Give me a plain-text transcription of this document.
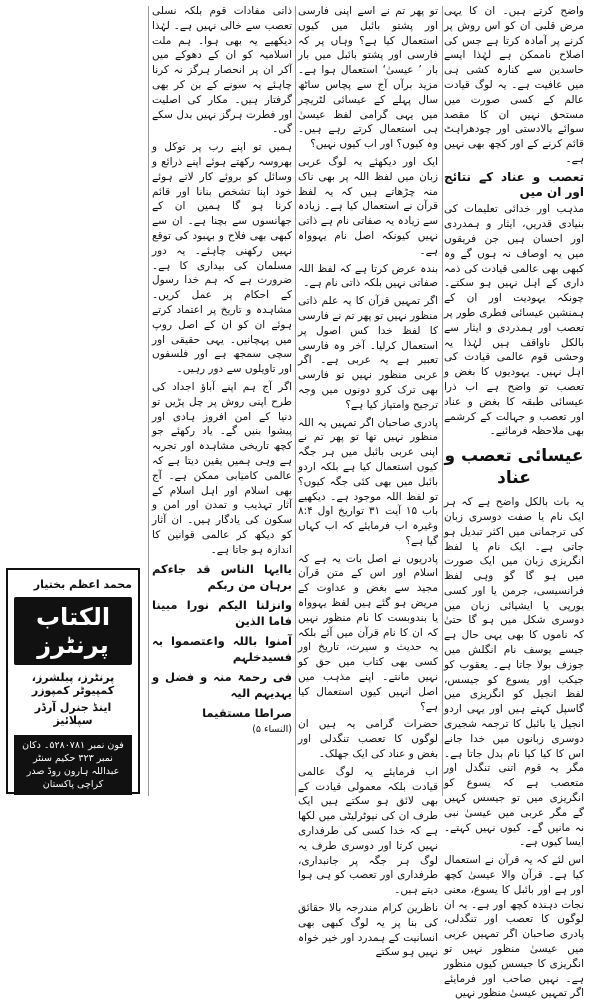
واضح کرتے ہیں۔ ان کا یہی مرض قلبی ان کو اس روش پر کرنے پر آمادہ کرتا ہے جس کی اصلاح ناممکن ہے لہٰذا ایسے حاسدین سے کنارہ کشی ہی میں عافیت ہے۔ یہ لوگ قیادت عالم کے کسی صورت میں مستحق نہیں ان کا مقصد سوائے بالادستی اور چودھراہٹ قائم کرنے کے اور کچھ بھی نہیں ہے۔

تعصب و عناد کے نتائج اور ان میں

مذہب اور خدائی تعلیمات کی بنیادی قدریں، ایثار و ہمدردی اور احسان ہیں جن فریقوں میں یہ اوصاف نہ ہوں گے وہ کبھی بھی عالمی قیادت کی ذمہ داری کے اہل نہیں ہو سکتے۔ چونکہ یہودیت اور ان کے ہمنشین عیسائی فطری طور پر تعصب اور ہمدردی و ایثار سے بالکل ناواقف ہیں لہٰذا یہ وحشی قوم عالمی قیادت کی اہل نہیں۔ یہودیوں کا بغض و تعصب تو واضح ہے اب ذرا عیسائی طبقہ کا بغض و عناد اور تعصب و جہالت کے کرشمے بھی ملاحظہ فرمائیے۔

عیسائی تعصب و عناد

یہ بات بالکل واضح ہے کہ ہر ایک نام یا صفت دوسری زبان کی ترجمانی میں اکثر تبدیل ہو جاتی ہے۔ ایک نام یا لفظ انگریزی زبان میں ایک صورت میں ہو گا گو وہی لفظ فرانسیسی، جرمن یا اور کسی یورپی یا ایشیائی زبان میں دوسری شکل میں ہو گا حتیٰ کہ ناموں کا بھی یہی حال ہے جیسے یوسف نام انگلش میں جوزف بولا جاتا ہے۔ یعقوب کو جیکب اور یسوع کو جیسس، لفظ انجیل کو انگریزی میں گاسپل کہتے ہیں اور یہی اردو انجیل یا بائبل کا ترجمہ شجیری دوسری زبانوں میں خدا جانے اس کا کیا کیا نام بدل جاتا ہے۔ مگر یہ قوم اتنی تنگدل اور متعصب ہے کہ یسوع کو انگریزی میں تو جیسس کہیں گے مگر عربی میں عیسیٰ نبی نہ مانیں گے۔ کیوں نہیں کہتے۔ ایسا کیوں ہے۔

اس لئے کہ یہ قرآن نے استعمال کیا ہے۔ قرآن والا عیسیٰ کچھ اور ہے اور بائبل کا یسوع، معنی نجات دہندہ کچھ اور ہے۔ یہ ان لوگوں کا تعصب اور تنگدلی، پادری صاحبان اگر تمہیں عربی میں عیسیٰ منظور نہیں تو انگریزی کا جیسس کیوں منظور ہے۔ نہیں صاحب اور فرمایئے اگر تمہیں عیسیٰ منظور نہیں

تو پھر تم نے اسے اپنی فارسی اور پشتو بائبل میں کیوں استعمال کیا ہے؟ وہاں پر کہ فارسی اور پشتو بائبل میں بار بار ’ عیسیٰ‘ استعمال ہوا ہے۔ مزید برآں آج سے پچاس ساٹھ سال پہلے کے عیسائی لٹریچر میں یہی گرامی لفظ عیسیٰ ہی استعمال کرتے رہے ہیں۔ وہ کیوں؟ اور اب کیوں نہیں؟

ایک اور دیکھئے یہ لوگ عربی زبان میں لفظ اللہ پر بھی ناک منہ چڑھاتے ہیں کہ یہ لفظ قرآن نے استعمال کیا ہے۔ زیادہ سے زیادہ یہ صفاتی نام ہے ذاتی نہیں کیونکہ اصل نام یہوواہ ہے۔

بندہ عرض کرتا ہے کہ لفظ اللہ صفاتی نہیں بلکہ ذاتی نام ہے۔

اگر تمہیں قرآن کا یہ علم ذاتی منظور نہیں تو پھر تم نے فارسی کا لفظ خدا کس اصول پر استعمال کرلیا۔ آخر وہ فارسی تعبیر ہے یہ عربی ہے۔ اگر عربی منظور نہیں تو فارسی بھی ترک کرو دونوں میں وجہ ترجیح وامتیاز کیا ہے؟

پادری صاحبان اگر تمہیں یہ اللہ منظور نہیں تھا تو پھر تم نے اپنی عربی بائبل میں ہر جگہ کیوں استعمال کیا ہے بلکہ اردو بائبل میں بھی کئی جگہ کیوں؟ تو لفظ اللہ موجود ہے۔ دیکھیے باب ۱۵ آیت ۳۱ تواریخ اول ۸:۴ وغیرہ اب فرمایئے کہ اب کہاں گیا ہے؟

پادریوں نے اصل بات یہ ہے کہ اسلام اور اس کے متن قرآن مجید سے بغض و عداوت کے مریض ہو گئے ہیں لفظ یہوواہ یا بندوبست کا نام منظور نہیں کہ ان کا نام قرآن میں آئے بلکہ یہ حدیث و سیرت، تاریخ اور کسی بھی کتاب میں حق کو نہیں مانتے۔ اپنے مذہب میں اصل انہیں کیوں استعمال کیا ہے؟

حضرات گرامی یہ ہیں ان لوگوں کا تعصب تنگدلی اور بغض و عناد کی ایک جھلک۔

اب فرمایئے یہ لوگ عالمی قیادت بلکہ معمولی قیادت کے بھی لائق ہو سکتے ہیں ایک طرف ان کی نیوٹرلیٹی میں لکھا ہے کہ خدا کسی کی طرفداری نہیں کرتا اور دوسری طرف یہ لوگ ہر جگہ پر جانبداری، طرفداری اور تعصب کو ہی ہوا دیتے ہیں۔

ناظرین کرام مندرجہ بالا حقائق کی بنا پر یہ لوگ کبھی بھی انسانیت کے ہمدرد اور خیر خواہ نہیں ہو سکتے

ذاتی مفادات قوم بلکہ نسلی تعصب سے خالی نہیں ہے۔ لہٰذا دیکھیے یہ بھی ہوا۔ ہم ملت اسلامیہ کو ان کے دھوکے میں آکر ان پر انحصار ہرگز نہ کرنا چاہئے یہ سونے کے بن کر بھی گرفتار ہیں۔ مکار کی اصلیت اور فطرت ہرگز نہیں بدل سکے گی۔

ہمیں تو اپنے رب پر توکل و بھروسہ رکھتے ہوئے اپنے ذرائع و وسائل کو بروئے کار لاتے ہوئے خود اپنا تشخص بنانا اور قائم کرنا ہو گا ہمیں ان کے جھانسوں سے بچنا ہے۔ ان سے کبھی بھی فلاح و بہبود کی توقع نہیں رکھنی چاہئے۔ یہ دور مسلمان کی بیداری کا ہے۔ ضرورت ہے کہ ہم خدا رسول کے احکام پر عمل کریں۔ مشاہدہ و تاریخ پر اعتماد کرتے ہوئے ان کو ان کے اصل روپ میں پہچانیں۔ یہی حقیقی اور سچی سمجھ ہے اور فلسفوں اور تاویلوں سے دور رہیں۔

اگر آج ہم اپنے آباؤ اجداد کی طرح اپنی روش پر چل پڑیں تو دنیا کے امن افروز ہادی اور پیشوا بنیں گے۔ یاد رکھئے جو کچھ تاریخی مشاہدہ اور تجربہ ہے وہی ہمیں یقین دیتا ہے کہ عالمی کامیابی ممکن ہے۔ آج بھی اسلام اور اہل اسلام کے آثار تہذیب و تمدن اور امن و سکون کی یادگار ہیں۔ ان آثار کو دیکھ کر عالمی قوانین کا اندازہ ہو جاتا ہے۔

یاایہا الناس قد جاءکم برہان من ربکم

وانزلنا الیکم نورا مبینا فاما الذین

آمنوا باللہ واعتصموا بہ فسیدخلہم

فی رحمۃ منہ و فضل و یہدیہم الیہ

صراطا مستقیما

(النساء ۵)

محمد اعظم بختیار
الکتاب پرنٹرز
پرنٹرز، پبلشرز، کمپیوٹر کمپوزر
اینڈ جنرل آرڈر سپلائیز
فون نمبر ۵۲۸۰۷۸۱۔ دکان نمبر ۳۲۳ حکیم سنٹر
عبداللہ ہارون روڈ صدر کراچی پاکستان
